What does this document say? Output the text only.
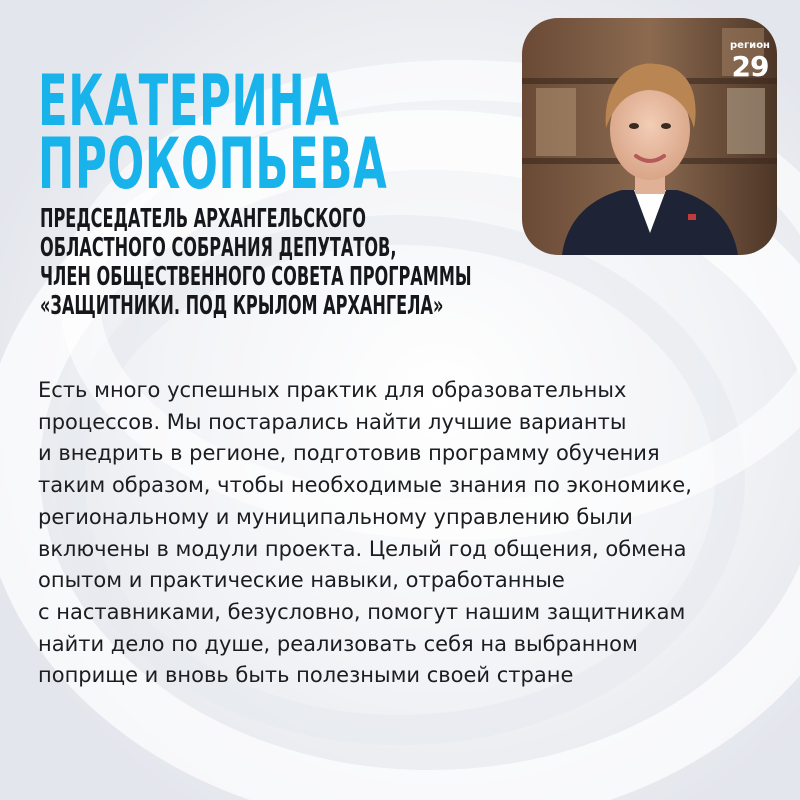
ЕКАТЕРИНА
ПРОКОПЬЕВА

ПРЕДСЕДАТЕЛЬ АРХАНГЕЛЬСКОГО
ОБЛАСТНОГО СОБРАНИЯ ДЕПУТАТОВ,
ЧЛЕН ОБЩЕСТВЕННОГО СОВЕТА ПРОГРАММЫ
«ЗАЩИТНИКИ. ПОД КРЫЛОМ АРХАНГЕЛА»

регион
29

Есть много успешных практик для образовательных
процессов. Мы постарались найти лучшие варианты
и внедрить в регионе, подготовив программу обучения
таким образом, чтобы необходимые знания по экономике,
региональному и муниципальному управлению были
включены в модули проекта. Целый год общения, обмена
опытом и практические навыки, отработанные
с наставниками, безусловно, помогут нашим защитникам
найти дело по душе, реализовать себя на выбранном
поприще и вновь быть полезными своей стране
